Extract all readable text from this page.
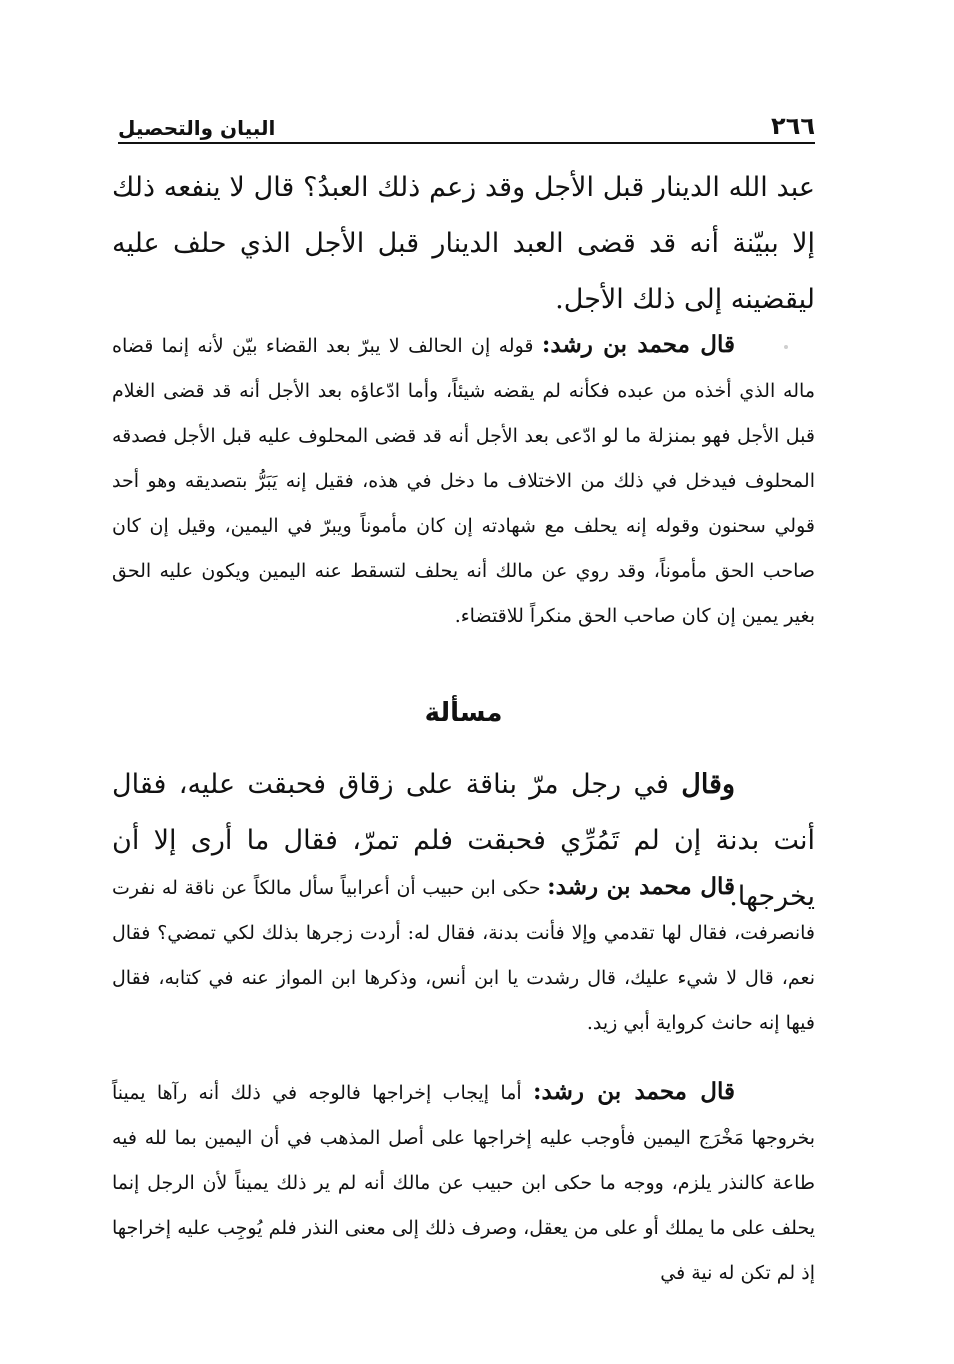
٢٦٦
البيان والتحصيل
عبد الله الدينار قبل الأجل وقد زعم ذلك العبدُ؟ قال لا ينفعه ذلك إلا ببيّنة أنه قد قضى العبد الدينار قبل الأجل الذي حلف عليه ليقضينه إلى ذلك الأجل.
قال محمد بن رشد: قوله إن الحالف لا يبرّ بعد القضاء بيّن لأنه إنما قضاه ماله الذي أخذه من عبده فكأنه لم يقضه شيئاً، وأما ادّعاؤه بعد الأجل أنه قد قضى الغلام قبل الأجل فهو بمنزلة ما لو ادّعى بعد الأجل أنه قد قضى المحلوف عليه قبل الأجل فصدقه المحلوف فيدخل في ذلك من الاختلاف ما دخل في هذه، فقيل إنه يَبَرُّ بتصديقه وهو أحد قولي سحنون وقوله إنه يحلف مع شهادته إن كان مأموناً ويبرّ في اليمين، وقيل إن كان صاحب الحق مأموناً، وقد روي عن مالك أنه يحلف لتسقط عنه اليمين ويكون عليه الحق بغير يمين إن كان صاحب الحق منكراً للاقتضاء.
مسألة
وقال في رجل مرّ بناقة على زقاق فحبقت عليه، فقال أنت بدنة إن لم تَمُرِّي فحبقت فلم تمرّ، فقال ما أرى إلا أن يخرجها.
قال محمد بن رشد: حكى ابن حبيب أن أعرابياً سأل مالكاً عن ناقة له نفرت فانصرفت، فقال لها تقدمي وإلا فأنت بدنة، فقال له: أردت زجرها بذلك لكي تمضي؟ فقال نعم، قال لا شيء عليك، قال رشدت يا ابن أنس، وذكرها ابن المواز عنه في كتابه، فقال فيها إنه حانث كرواية أبي زيد.
قال محمد بن رشد: أما إيجاب إخراجها فالوجه في ذلك أنه رآها يميناً بخروجها مَخْرَج اليمين فأوجب عليه إخراجها على أصل المذهب في أن اليمين بما لله فيه طاعة كالنذر يلزم، ووجه ما حكى ابن حبيب عن مالك أنه لم ير ذلك يميناً لأن الرجل إنما يحلف على ما يملك أو على من يعقل، وصرف ذلك إلى معنى النذر فلم يُوجِب عليه إخراجها إذ لم تكن له نية في
